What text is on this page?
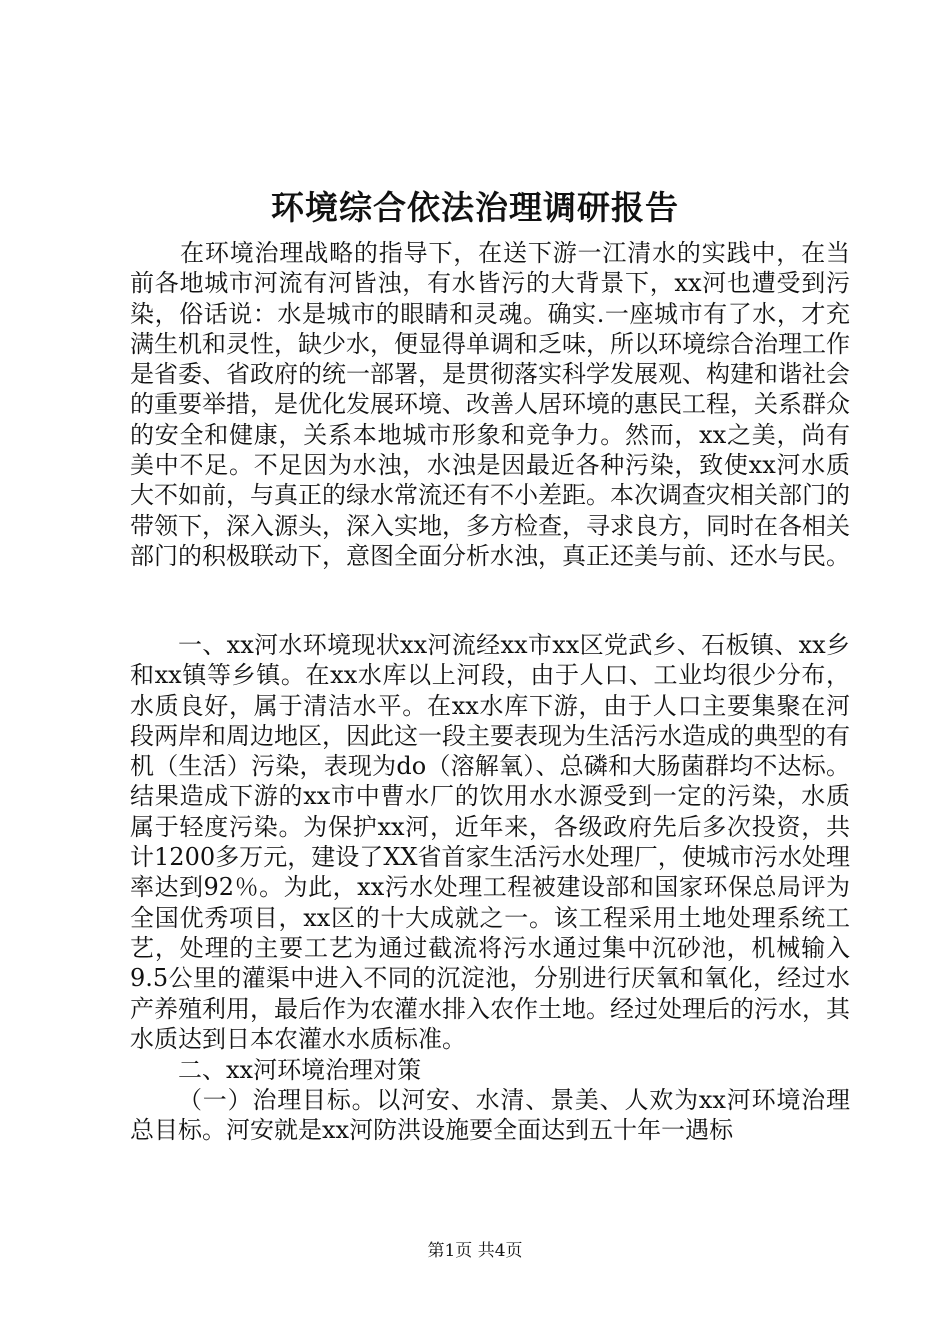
环境综合依法治理调研报告

在环境治理战略的指导下，在送下游一江清水的实践中，在当前各地城市河流有河皆浊，有水皆污的大背景下，xx河也遭受到污染，俗话说：水是城市的眼睛和灵魂。确实.一座城市有了水，才充满生机和灵性，缺少水，便显得单调和乏味，所以环境综合治理工作是省委、省政府的统一部署，是贯彻落实科学发展观、构建和谐社会的重要举措，是优化发展环境、改善人居环境的惠民工程，关系群众的安全和健康，关系本地城市形象和竞争力。然而，xx之美，尚有美中不足。不足因为水浊，水浊是因最近各种污染，致使xx河水质大不如前，与真正的绿水常流还有不小差距。本次调查灾相关部门的带领下，深入源头，深入实地，多方检查，寻求良方，同时在各相关部门的积极联动下，意图全面分析水浊，真正还美与前、还水与民。

一、xx河水环境现状xx河流经xx市xx区党武乡、石板镇、xx乡和xx镇等乡镇。在xx水库以上河段，由于人口、工业均很少分布，水质良好，属于清洁水平。在xx水库下游，由于人口主要集聚在河段两岸和周边地区，因此这一段主要表现为生活污水造成的典型的有机（生活）污染，表现为do（溶解氧）、总磷和大肠菌群均不达标。结果造成下游的xx市中曹水厂的饮用水水源受到一定的污染，水质属于轻度污染。为保护xx河，近年来，各级政府先后多次投资，共计1200多万元，建设了XX省首家生活污水处理厂，使城市污水处理率达到92％。为此，xx污水处理工程被建设部和国家环保总局评为全国优秀项目，xx区的十大成就之一。该工程采用土地处理系统工艺，处理的主要工艺为通过截流将污水通过集中沉砂池，机械输入9.5公里的灌渠中进入不同的沉淀池，分别进行厌氧和氧化，经过水产养殖利用，最后作为农灌水排入农作土地。经过处理后的污水，其水质达到日本农灌水水质标准。

二、xx河环境治理对策

（一）治理目标。以河安、水清、景美、人欢为xx河环境治理总目标。河安就是xx河防洪设施要全面达到五十年一遇标

第1页 共4页
